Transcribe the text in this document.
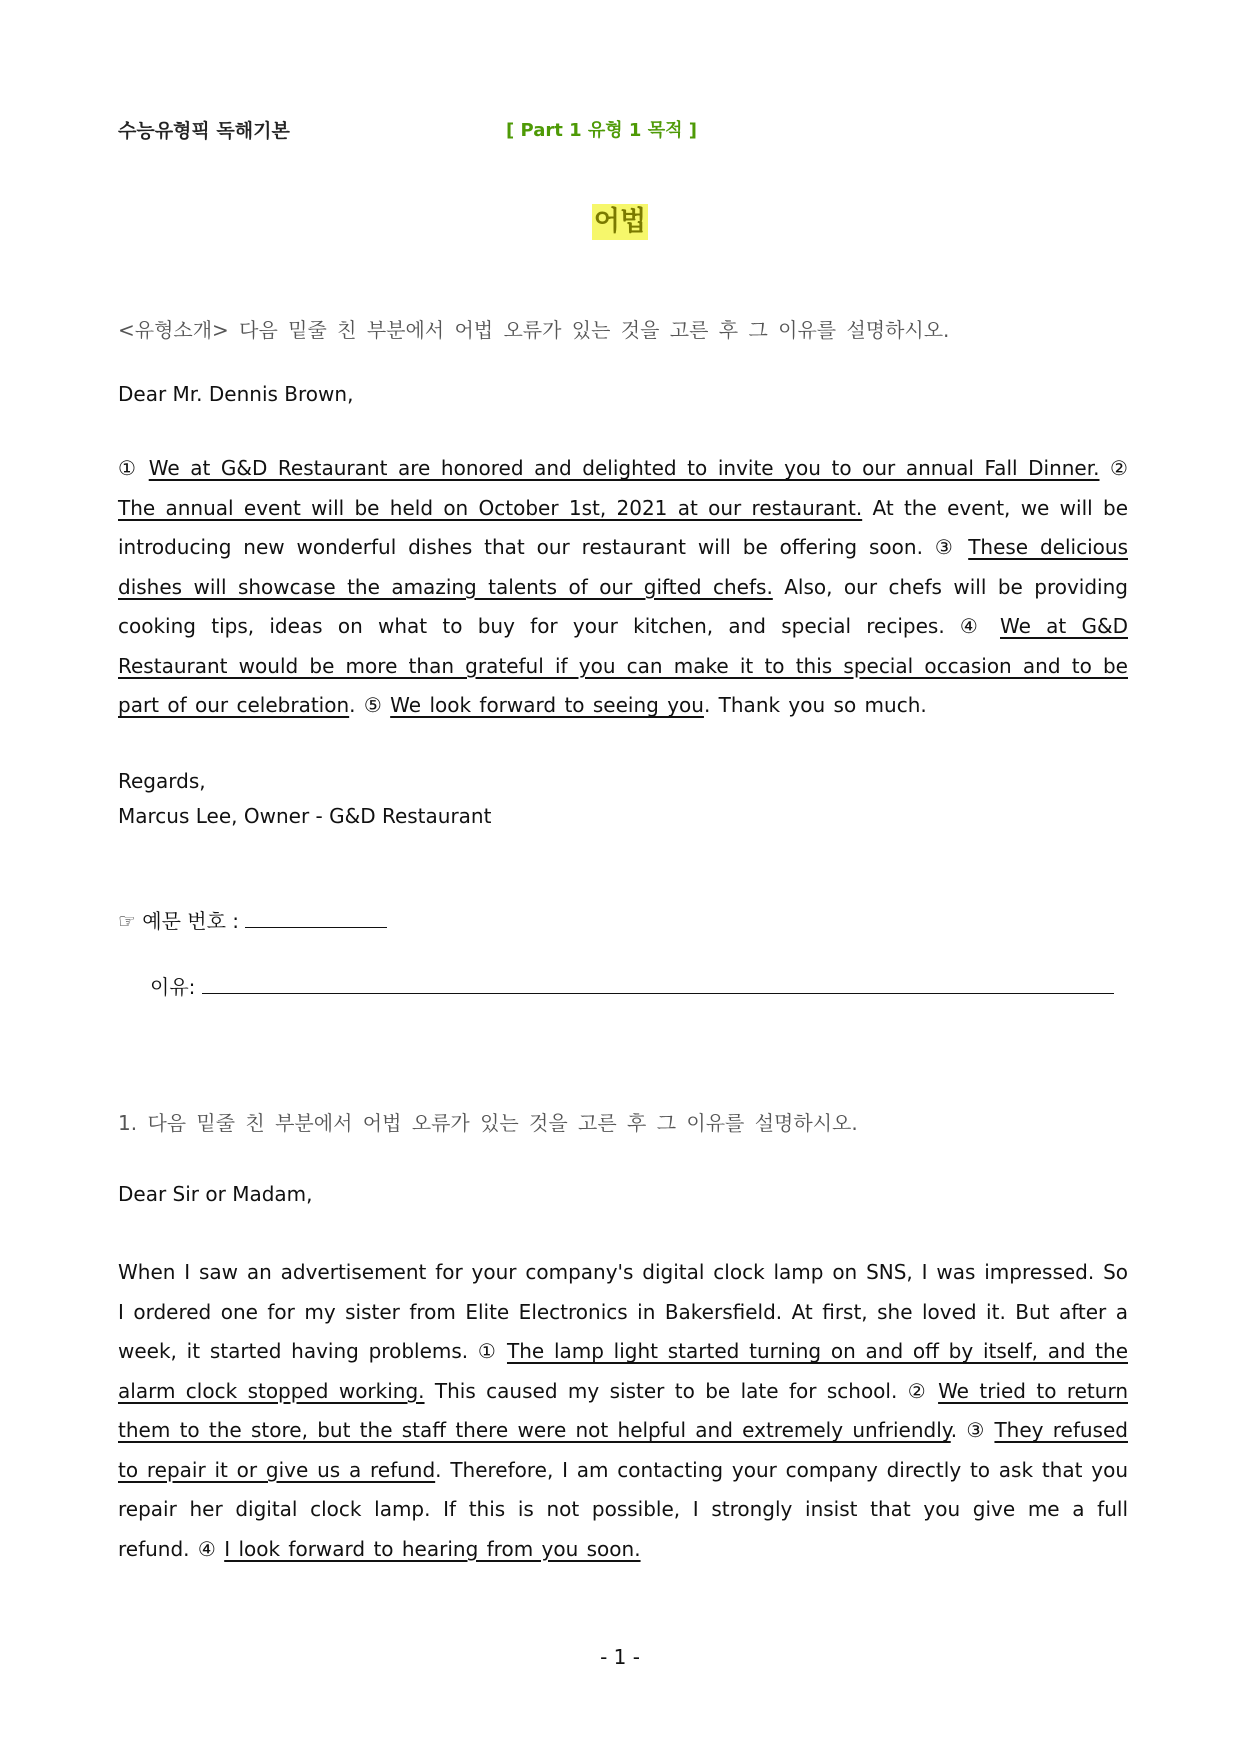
수능유형픽 독해기본	[ Part 1 유형 1 목적 ]
어법
<유형소개> 다음 밑줄 친 부분에서 어법 오류가 있는 것을 고른 후 그 이유를 설명하시오.
Dear Mr. Dennis Brown,
① We at G&D Restaurant are honored and delighted to invite you to our annual Fall Dinner. ② The annual event will be held on October 1st, 2021 at our restaurant. At the event, we will be introducing new wonderful dishes that our restaurant will be offering soon. ③ These delicious dishes will showcase the amazing talents of our gifted chefs. Also, our chefs will be providing cooking tips, ideas on what to buy for your kitchen, and special recipes. ④ We at G&D Restaurant would be more than grateful if you can make it to this special occasion and to be part of our celebration. ⑤ We look forward to seeing you. Thank you so much.
Regards,
Marcus Lee, Owner - G&D Restaurant
☞ 예문 번호 :
이유:
1. 다음 밑줄 친 부분에서 어법 오류가 있는 것을 고른 후 그 이유를 설명하시오.
Dear Sir or Madam,
When I saw an advertisement for your company's digital clock lamp on SNS, I was impressed. So I ordered one for my sister from Elite Electronics in Bakersfield. At first, she loved it. But after a week, it started having problems. ① The lamp light started turning on and off by itself, and the alarm clock stopped working. This caused my sister to be late for school. ② We tried to return them to the store, but the staff there were not helpful and extremely unfriendly. ③ They refused to repair it or give us a refund. Therefore, I am contacting your company directly to ask that you repair her digital clock lamp. If this is not possible, I strongly insist that you give me a full refund. ④ I look forward to hearing from you soon.
- 1 -
